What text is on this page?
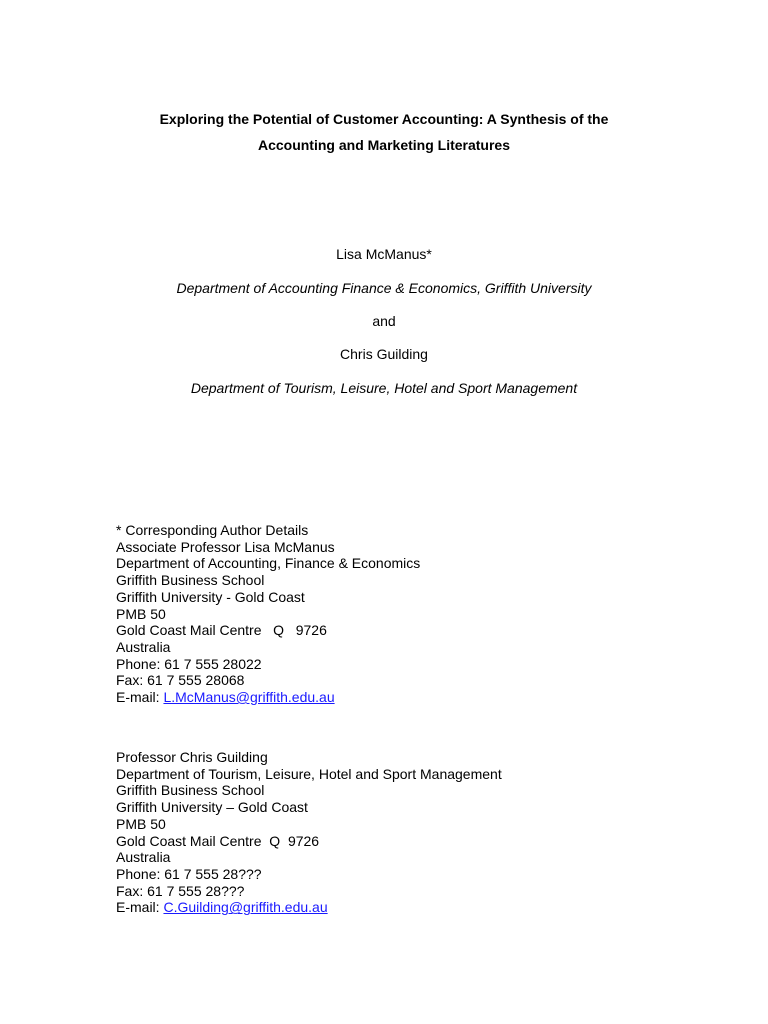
Exploring the Potential of Customer Accounting: A Synthesis of the
Accounting and Marketing Literatures
Lisa McManus*
Department of Accounting Finance & Economics, Griffith University
and
Chris Guilding
Department of Tourism, Leisure, Hotel and Sport Management
* Corresponding Author Details
Associate Professor Lisa McManus
Department of Accounting, Finance & Economics
Griffith Business School
Griffith University - Gold Coast
PMB 50
Gold Coast Mail Centre   Q   9726
Australia
Phone: 61 7 555 28022
Fax: 61 7 555 28068
E-mail: L.McManus@griffith.edu.au
Professor Chris Guilding
Department of Tourism, Leisure, Hotel and Sport Management
Griffith Business School
Griffith University – Gold Coast
PMB 50
Gold Coast Mail Centre  Q  9726
Australia
Phone: 61 7 555 28???
Fax: 61 7 555 28???
E-mail: C.Guilding@griffith.edu.au
